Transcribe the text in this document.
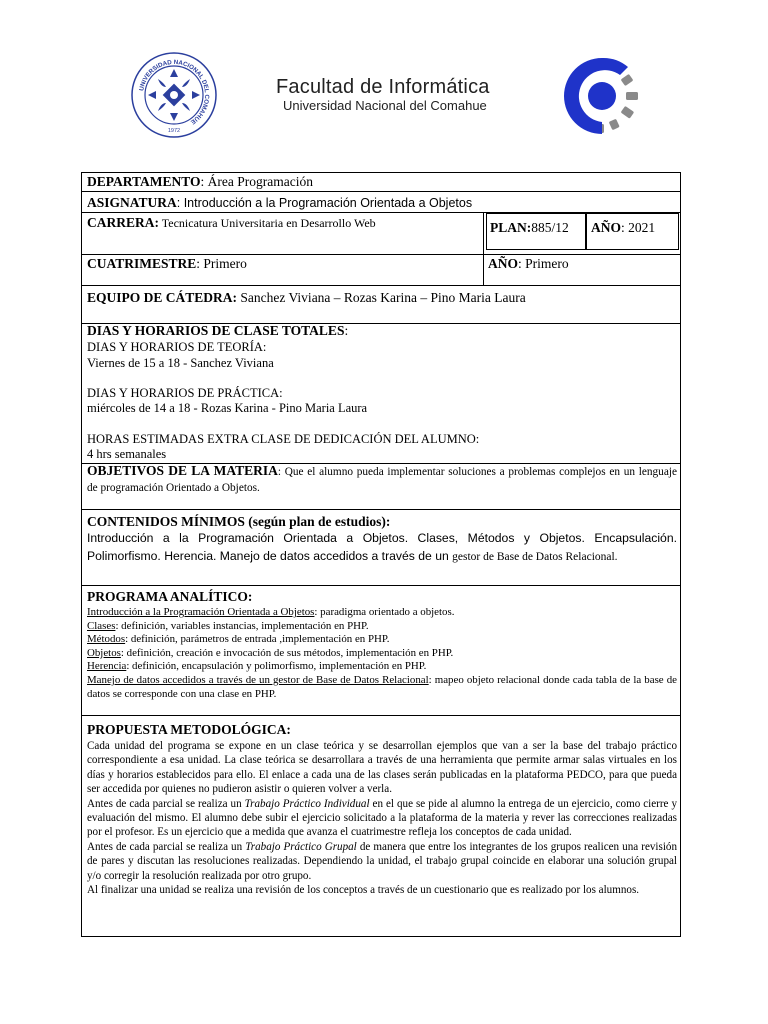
UNIVERSIDAD NACIONAL DEL COMAHUE
1972
Facultad de Informática
Universidad Nacional del Comahue
DEPARTAMENTO: Área Programación
ASIGNATURA: Introducción a la Programación Orientada a Objetos
CARRERA: Tecnicatura Universitaria en Desarrollo Web	PLAN:885/12 AÑO: 2021
CUATRIMESTRE: Primero	AÑO: Primero
EQUIPO DE CÁTEDRA: Sanchez Viviana – Rozas Karina – Pino Maria Laura
DIAS Y HORARIOS DE CLASE TOTALES:
DIAS Y HORARIOS DE TEORÍA:
Viernes de 15 a 18 - Sanchez Viviana
DIAS Y HORARIOS DE PRÁCTICA:
miércoles de 14 a 18 - Rozas Karina - Pino Maria Laura
HORAS ESTIMADAS EXTRA CLASE DE DEDICACIÓN DEL ALUMNO:
4 hrs semanales
OBJETIVOS DE LA MATERIA: Que el alumno pueda implementar soluciones a problemas complejos en un lenguaje de programación Orientado a Objetos.
CONTENIDOS MÍNIMOS (según plan de estudios):
Introducción a la Programación Orientada a Objetos. Clases, Métodos y Objetos. Encapsulación. Polimorfismo. Herencia. Manejo de datos accedidos a través de un gestor de Base de Datos Relacional.
PROGRAMA ANALÍTICO:
Introducción a la Programación Orientada a Objetos: paradigma orientado a objetos.
Clases: definición, variables instancias, implementación en PHP.
Métodos: definición, parámetros de entrada ,implementación en PHP.
Objetos: definición, creación e invocación de sus métodos, implementación en PHP.
Herencia: definición, encapsulación y polimorfismo, implementación en PHP.
Manejo de datos accedidos a través de un gestor de Base de Datos Relacional: mapeo objeto relacional donde cada tabla de la base de datos se corresponde con una clase en PHP.
PROPUESTA METODOLÓGICA:

Cada unidad del programa se expone en un clase teórica y se desarrollan ejemplos que van a ser la base del trabajo práctico correspondiente a esa unidad. La clase teórica se desarrollara a través de una herramienta que permite armar salas virtuales en los días y horarios establecidos para ello. El enlace a cada una de las clases serán publicadas en la plataforma PEDCO, para que pueda ser accedida por quienes no pudieron asistir o quieren volver a verla.

Antes de cada parcial se realiza un Trabajo Práctico Individual en el que se pide al alumno la entrega de un ejercicio, como cierre y evaluación del mismo. El alumno debe subir el ejercicio solicitado a la plataforma de la materia y rever las correcciones realizadas por el profesor. Es un ejercicio que a medida que avanza el cuatrimestre refleja los conceptos de cada unidad.

Antes de cada parcial se realiza un Trabajo Práctico Grupal de manera que entre los integrantes de los grupos realicen una revisión de pares y discutan las resoluciones realizadas. Dependiendo la unidad, el trabajo grupal coincide en elaborar una solución grupal y/o corregir la resolución realizada por otro grupo.

Al finalizar una unidad se realiza una revisión de los conceptos a través de un cuestionario que es realizado por los alumnos.
